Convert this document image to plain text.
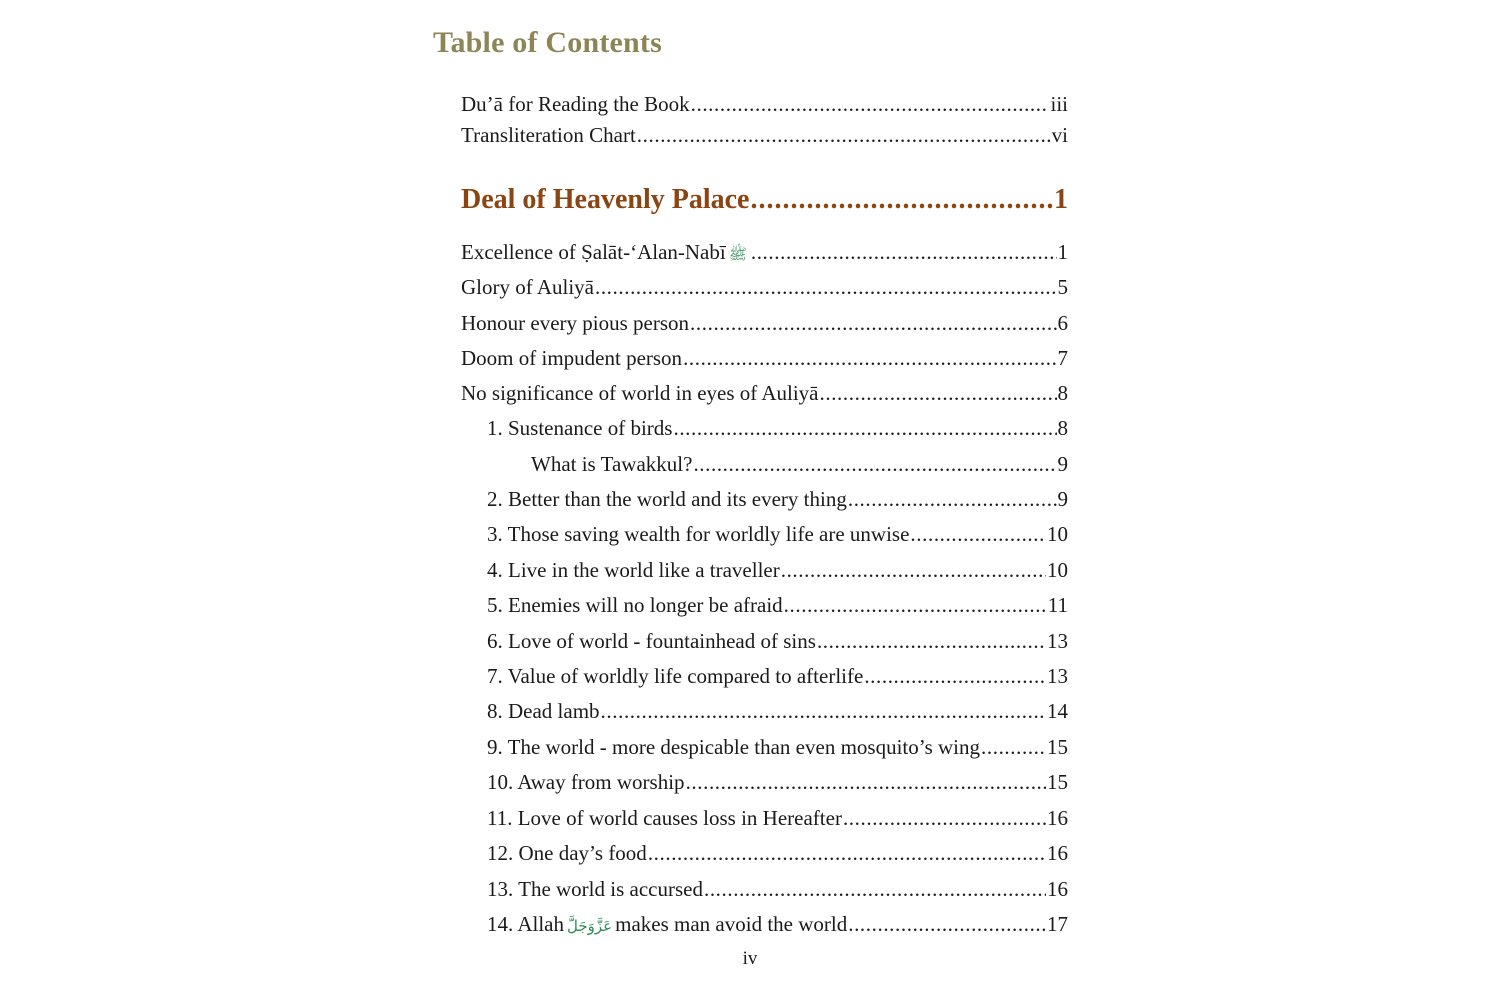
Table of Contents
Du’ā for Reading the Book .....	iii
Transliteration Chart .....	vi
Deal of Heavenly Palace .....	1
Excellence of Ṣalāt-‘Alan-Nabī ﷺ .....	1
Glory of Auliyā .....	5
Honour every pious person .....	6
Doom of impudent person .....	7
No significance of world in eyes of Auliyā .....	8
1. Sustenance of birds .....	8
What is Tawakkul? .....	9
2. Better than the world and its every thing .....	9
3. Those saving wealth for worldly life are unwise .....	10
4. Live in the world like a traveller .....	10
5. Enemies will no longer be afraid .....	11
6. Love of world - fountainhead of sins .....	13
7. Value of worldly life compared to afterlife .....	13
8. Dead lamb .....	14
9. The world - more despicable than even mosquito’s wing .....	15
10. Away from worship .....	15
11. Love of world causes loss in Hereafter .....	16
12. One day’s food .....	16
13. The world is accursed .....	16
14. Allah عَزَّوَجَلَّ makes man avoid the world .....	17
iv
